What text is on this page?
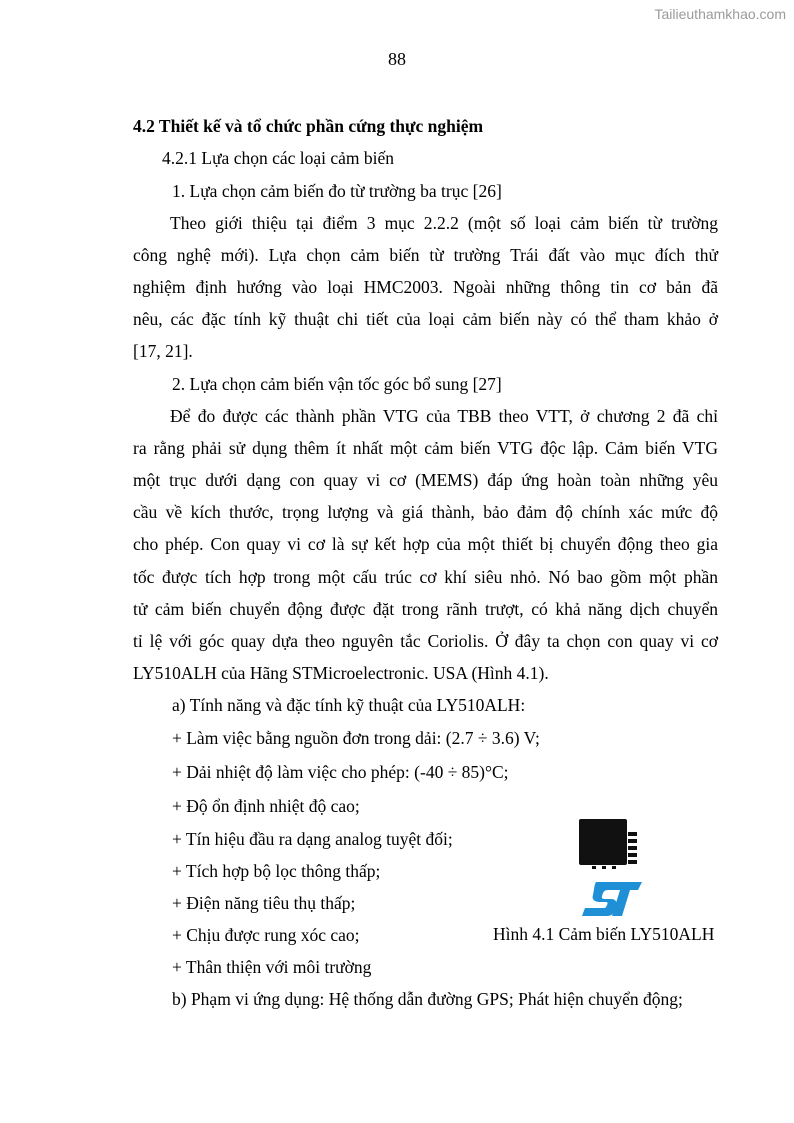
Tailieuthamkhao.com
88
4.2 Thiết kế và tổ chức phần cứng thực nghiệm
4.2.1 Lựa chọn các loại cảm biến
1. Lựa chọn cảm biến đo từ trường ba trục [26]
Theo giới thiệu tại điểm 3 mục 2.2.2 (một số loại cảm biến từ trường
công nghệ mới). Lựa chọn cảm biến từ trường Trái đất vào mục đích thử
nghiệm định hướng vào loại HMC2003. Ngoài những thông tin cơ bản đã
nêu, các đặc tính kỹ thuật chi tiết của loại cảm biến này có thể tham khảo ở
[17, 21].
2. Lựa chọn cảm biến vận tốc góc bổ sung [27]
Để đo được các thành phần VTG của TBB theo VTT, ở chương 2 đã chỉ
ra rằng phải sử dụng thêm ít nhất một cảm biến VTG độc lập. Cảm biến VTG
một trục dưới dạng con quay vi cơ (MEMS) đáp ứng hoàn toàn những yêu
cầu về kích thước, trọng lượng và giá thành, bảo đảm độ chính xác mức độ
cho phép. Con quay vi cơ là sự kết hợp của một thiết bị chuyển động theo gia
tốc được tích hợp trong một cấu trúc cơ khí siêu nhỏ. Nó bao gồm một phần
tử cảm biến chuyển động được đặt trong rãnh trượt, có khả năng dịch chuyển
tỉ lệ với góc quay dựa theo nguyên tắc Coriolis. Ở đây ta chọn con quay vi cơ
LY510ALH của Hãng STMicroelectronic. USA (Hình 4.1).
a) Tính năng và đặc tính kỹ thuật của LY510ALH:
+ Làm việc bằng nguồn đơn trong dải: (2.7 ÷ 3.6) V;
+ Dải nhiệt độ làm việc cho phép: (-40 ÷ 85)°C;
+ Độ ổn định nhiệt độ cao;
+ Tín hiệu đầu ra dạng analog tuyệt đối;
+ Tích hợp bộ lọc thông thấp;
+ Điện năng tiêu thụ thấp;
+ Chịu được rung xóc cao;
+ Thân thiện với môi trường
b) Phạm vi ứng dụng: Hệ thống dẫn đường GPS; Phát hiện chuyển động;
Hình 4.1 Cảm biến LY510ALH
